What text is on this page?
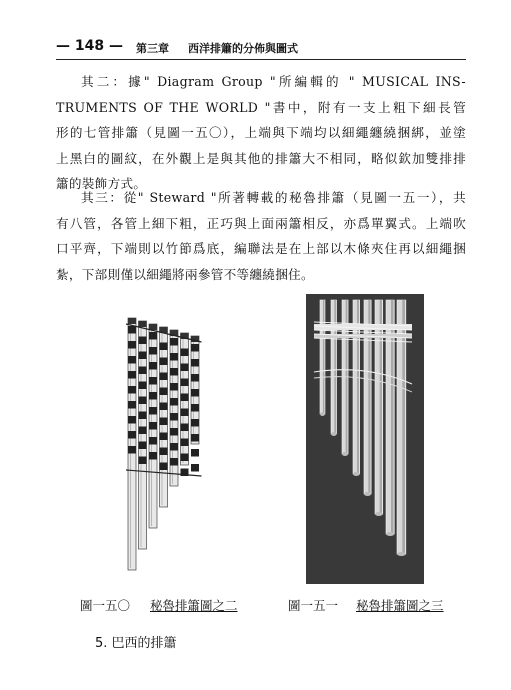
— 148 — 第三章 西洋排簫的分佈與圖式
其二：據" Diagram Group "所編輯的 " MUSICAL INS-
TRUMENTS OF THE WORLD "書中，附有一支上粗下細長管
形的七管排簫（見圖一五〇），上端與下端均以細繩纏繞捆綁，並塗
上黑白的圖紋，在外觀上是與其他的排簫大不相同，略似欽加雙排排
簫的裝飾方式。
其三：從" Steward "所著轉載的秘魯排簫（見圖一五一），共
有八管，各管上細下粗，正巧與上面兩簫相反，亦爲單翼式。上端吹
口平齊，下端則以竹節爲底，編聯法是在上部以木條夾住再以細繩捆
紮，下部則僅以細繩將兩參管不等纏繞捆住。
圖一五〇 秘魯排簫圖之二	圖一五一 秘魯排簫圖之三
5. 巴西的排簫
